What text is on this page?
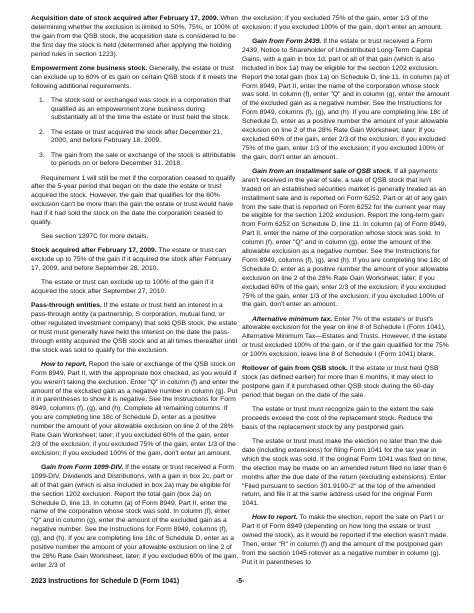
Acquisition date of stock acquired after February 17, 2009. When determining whether the exclusion is limited to 50%, 75%, or 100% of the gain from the QSB stock, the acquisition date is considered to be the first day the stock is held (determined after applying the holding period rules in section 1223).

Empowerment zone business stock. Generally, the estate or trust can exclude up to 60% of its gain on certain QSB stock if it meets the following additional requirements.

1. The stock sold or exchanged was stock in a corporation that qualified as an empowerment zone business during substantially all of the time the estate or trust held the stock.
2. The estate or trust acquired the stock after December 21, 2000, and before February 18, 2009.
3. The gain from the sale or exchange of the stock is attributable to periods on or before December 31, 2018.

Requirement 1 will still be met if the corporation ceased to qualify after the 5-year period that began on the date the estate or trust acquired the stock. However, the gain that qualifies for the 60% exclusion can't be more than the gain the estate or trust would have had if it had sold the stock on the date the corporation ceased to qualify.

See section 1397C for more details.

Stock acquired after February 17, 2009. The estate or trust can exclude up to 75% of the gain if it acquired the stock after February 17, 2009, and before September 28, 2010.

The estate or trust can exclude up to 100% of the gain if it acquired the stock after September 27, 2010.

Pass-through entities. If the estate or trust held an interest in a pass-through entity (a partnership, S corporation, mutual fund, or other regulated investment company) that sold QSB stock, the estate or trust must generally have held the interest on the date the pass-through entity acquired the QSB stock and at all times thereafter until the stock was sold to qualify for the exclusion.

How to report. Report the sale or exchange of the QSB stock on Form 8949, Part II, with the appropriate box checked, as you would if you weren't taking the exclusion. Enter "Q" in column (f) and enter the amount of the excluded gain as a negative number in column (g). Put it in parentheses to show it is negative. See the Instructions for Form 8949, columns (f), (g), and (h). Complete all remaining columns. If you are completing line 18c of Schedule D, enter as a positive number the amount of your allowable exclusion on line 2 of the 28% Rate Gain Worksheet; later; if you excluded 60% of the gain, enter 2/3 of the exclusion; if you excluded 75% of the gain, enter 1/3 of the exclusion; if you excluded 100% of the gain, don't enter an amount.

Gain from Form 1099-DIV. If the estate or trust received a Form 1099-DIV, Dividends and Distributions, with a gain in box 2c, part or all of that gain (which is also included in box 2a) may be eligible for the section 1202 exclusion. Report the total gain (box 2a) on Schedule D, line 13. In column (a) of Form 8949, Part II, enter the name of the corporation whose stock was sold. In column (f), enter "Q" and in column (g), enter the amount of the excluded gain as a negative number. See the Instructions for Form 8949, columns (f), (g), and (h). If you are completing line 18c of Schedule D, enter as a positive number the amount of your allowable exclusion on line 2 of the 28% Rate Gain Worksheet, later; if you excluded 60% of the gain, enter 2/3 of

the exclusion; if you excluded 75% of the gain, enter 1/3 of the exclusion; if you excluded 100% of the gain, don't enter an amount.

Gain from Form 2439. If the estate or trust received a Form 2439, Notice to Shareholder of Undistributed Long-Term Capital Gains, with a gain in box 1d, part or all of that gain (which is also included in box 1a) may be eligible for the section 1202 exclusion. Report the total gain (box 1a) on Schedule D, line 11. In column (a) of Form 8949, Part II, enter the name of the corporation whose stock was sold. In column (f), enter "Q" and in column (g), enter the amount of the excluded gain as a negative number. See the Instructions for Form 8949, columns (f), (g), and (h). If you are completing line 18c of Schedule D, enter as a positive number the amount of your allowable exclusion on line 2 of the 28% Rate Gain Worksheet, later; if you excluded 60% of the gain, enter 2/3 of the exclusion; if you excluded 75% of the gain, enter 1/3 of the exclusion; if you excluded 100% of the gain, don't enter an amount.

Gain from an installment sale of QSB stock. If all payments aren't received in the year of sale, a sale of QSB stock that isn't traded on an established securities market is generally treated as an installment sale and is reported on Form 6252. Part or all of any gain from the sale that is reported on Form 6252 for the current year may be eligible for the section 1202 exclusion. Report the long-term gain from Form 6252 on Schedule D, line 11. In column (a) of Form 8949, Part II, enter the name of the corporation whose stock was sold. In column (f), enter "Q" and in column (g), enter the amount of the allowable exclusion as a negative number. See the Instructions for Form 8949, columns (f), (g), and (h). If you are completing line 18c of Schedule D, enter as a positive number the amount of your allowable exclusion on line 2 of the 28% Rate Gain Worksheet, later; if you excluded 60% of the gain, enter 2/3 of the exclusion; if you excluded 75% of the gain, enter 1/3 of the exclusion; if you excluded 100% of the gain, don't enter an amount.

Alternative minimum tax. Enter 7% of the estate's or trust's allowable exclusion for the year on line 8 of Schedule I (Form 1041), Alternative Minimum Tax—Estates and Trusts. However, if the estate or trust excluded 100% of the gain, or if the gain qualified for the 75% or 100% exclusion, leave line 8 of Schedule I (Form 1041) blank.

Rollover of gain from QSB stock. If the estate or trust held QSB stock (as defined earlier) for more than 6 months, it may elect to postpone gain if it purchased other QSB stock during the 60-day period that began on the date of the sale.

The estate or trust must recognize gain to the extent the sale proceeds exceed the cost of the replacement stock. Reduce the basis of the replacement stock by any postponed gain.

The estate or trust must make the election no later than the due date (including extensions) for filing Form 1041 for the tax year in which the stock was sold. If the original Form 1041 was filed on time, the election may be made on an amended return filed no later than 6 months after the due date of the return (excluding extensions). Enter "Filed pursuant to section 301.9100-2" at the top of the amended return, and file it at the same address used for the original Form 1041.

How to report. To make the election, report the sale on Part I or Part II of Form 8949 (depending on how long the estate or trust owned the stock), as it would be reported if the election wasn't made. Then, enter "R" in column (f) and the amount of the postponed gain from the section 1045 rollover as a negative number in column (g). Put it in parentheses to

2023 Instructions for Schedule D (Form 1041)	-5-
